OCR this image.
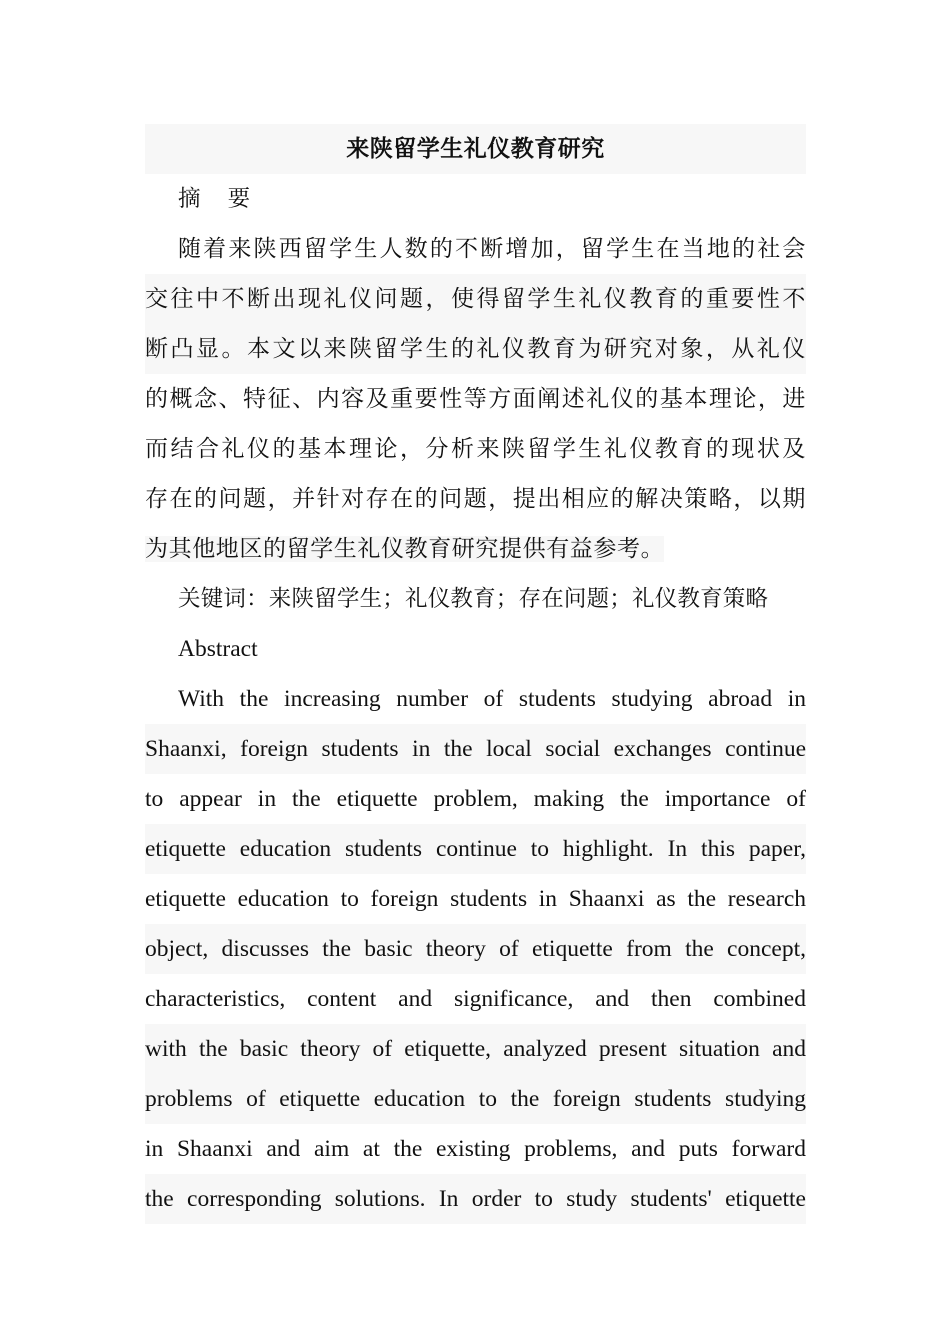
来陕留学生礼仪教育研究
摘 要
随着来陕西留学生人数的不断增加，留学生在当地的社会
交往中不断出现礼仪问题，使得留学生礼仪教育的重要性不
断凸显。本文以来陕留学生的礼仪教育为研究对象，从礼仪
的概念、特征、内容及重要性等方面阐述礼仪的基本理论，进
而结合礼仪的基本理论，分析来陕留学生礼仪教育的现状及
存在的问题，并针对存在的问题，提出相应的解决策略，以期
为其他地区的留学生礼仪教育研究提供有益参考。
关键词：来陕留学生；礼仪教育；存在问题；礼仪教育策略
Abstract
With the increasing number of students studying abroad in
Shaanxi, foreign students in the local social exchanges continue
to appear in the etiquette problem, making the importance of
etiquette education students continue to highlight. In this paper,
etiquette education to foreign students in Shaanxi as the research
object, discusses the basic theory of etiquette from the concept,
characteristics, content and significance, and then combined
with the basic theory of etiquette, analyzed present situation and
problems of etiquette education to the foreign students studying
in Shaanxi and aim at the existing problems, and puts forward
the corresponding solutions. In order to study students' etiquette
